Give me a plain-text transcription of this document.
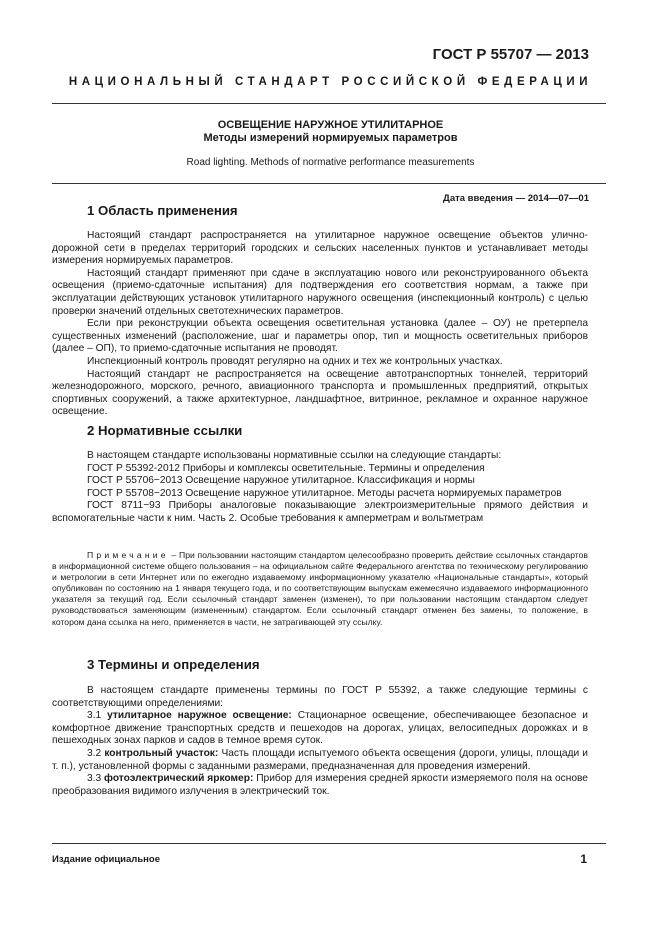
ГОСТ Р 55707 — 2013
НАЦИОНАЛЬНЫЙ СТАНДАРТ РОССИЙСКОЙ ФЕДЕРАЦИИ
ОСВЕЩЕНИЕ НАРУЖНОЕ УТИЛИТАРНОЕ
Методы измерений нормируемых параметров
Road lighting. Methods of normative performance measurements
Дата введения — 2014—07—01
1 Область применения

Настоящий стандарт распространяется на утилитарное наружное освещение объектов улично-дорожной сети в пределах территорий городских и сельских населенных пунктов и устанавливает методы измерения нормируемых параметров.

Настоящий стандарт применяют при сдаче в эксплуатацию нового или реконструированного объекта освещения (приемо-сдаточные испытания) для подтверждения его соответствия нормам, а также при эксплуатации действующих установок утилитарного наружного освещения (инспекционный контроль) с целью проверки значений отдельных светотехнических параметров.

Если при реконструкции объекта освещения осветительная установка (далее – ОУ) не претерпела существенных изменений (расположение, шаг и параметры опор, тип и мощность осветительных приборов (далее – ОП), то приемо-сдаточные испытания не проводят.

Инспекционный контроль проводят регулярно на одних и тех же контрольных участках.

Настоящий стандарт не распространяется на освещение автотранспортных тоннелей, территорий железнодорожного, морского, речного, авиационного транспорта и промышленных предприятий, открытых спортивных сооружений, а также архитектурное, ландшафтное, витринное, рекламное и охранное наружное освещение.

2 Нормативные ссылки

В настоящем стандарте использованы нормативные ссылки на следующие стандарты:

ГОСТ Р 55392-2012 Приборы и комплексы осветительные. Термины и определения

ГОСТ Р 55706−2013 Освещение наружное утилитарное. Классификация и нормы

ГОСТ Р 55708−2013 Освещение наружное утилитарное. Методы расчета нормируемых параметров

ГОСТ 8711−93 Приборы аналоговые показывающие электроизмерительные прямого действия и вспомогательные части к ним. Часть 2. Особые требования к амперметрам и вольтметрам

Примечание – При пользовании настоящим стандартом целесообразно проверить действие ссылочных стандартов в информационной системе общего пользования – на официальном сайте Федерального агентства по техническому регулированию и метрологии в сети Интернет или по ежегодно издаваемому информационному указателю «Национальные стандарты», который опубликован по состоянию на 1 января текущего года, и по соответствующим выпускам ежемесячно издаваемого информационного указателя за текущий год. Если ссылочный стандарт заменен (изменен), то при пользовании настоящим стандартом следует руководствоваться заменяющим (измененным) стандартом. Если ссылочный стандарт отменен без замены, то положение, в котором дана ссылка на него, применяется в части, не затрагивающей эту ссылку.

3 Термины и определения

В настоящем стандарте применены термины по ГОСТ Р 55392, а также следующие термины с соответствующими определениями:

3.1 утилитарное наружное освещение: Стационарное освещение, обеспечивающее безопасное и комфортное движение транспортных средств и пешеходов на дорогах, улицах, велосипедных дорожках и в пешеходных зонах парков и садов в темное время суток.

3.2 контрольный участок: Часть площади испытуемого объекта освещения (дороги, улицы, площади и т. п.), установленной формы с заданными размерами, предназначенная для проведения измерений.

3.3 фотоэлектрический яркомер: Прибор для измерения средней яркости измеряемого поля на основе преобразования видимого излучения в электрический ток.

Издание официальное	1
